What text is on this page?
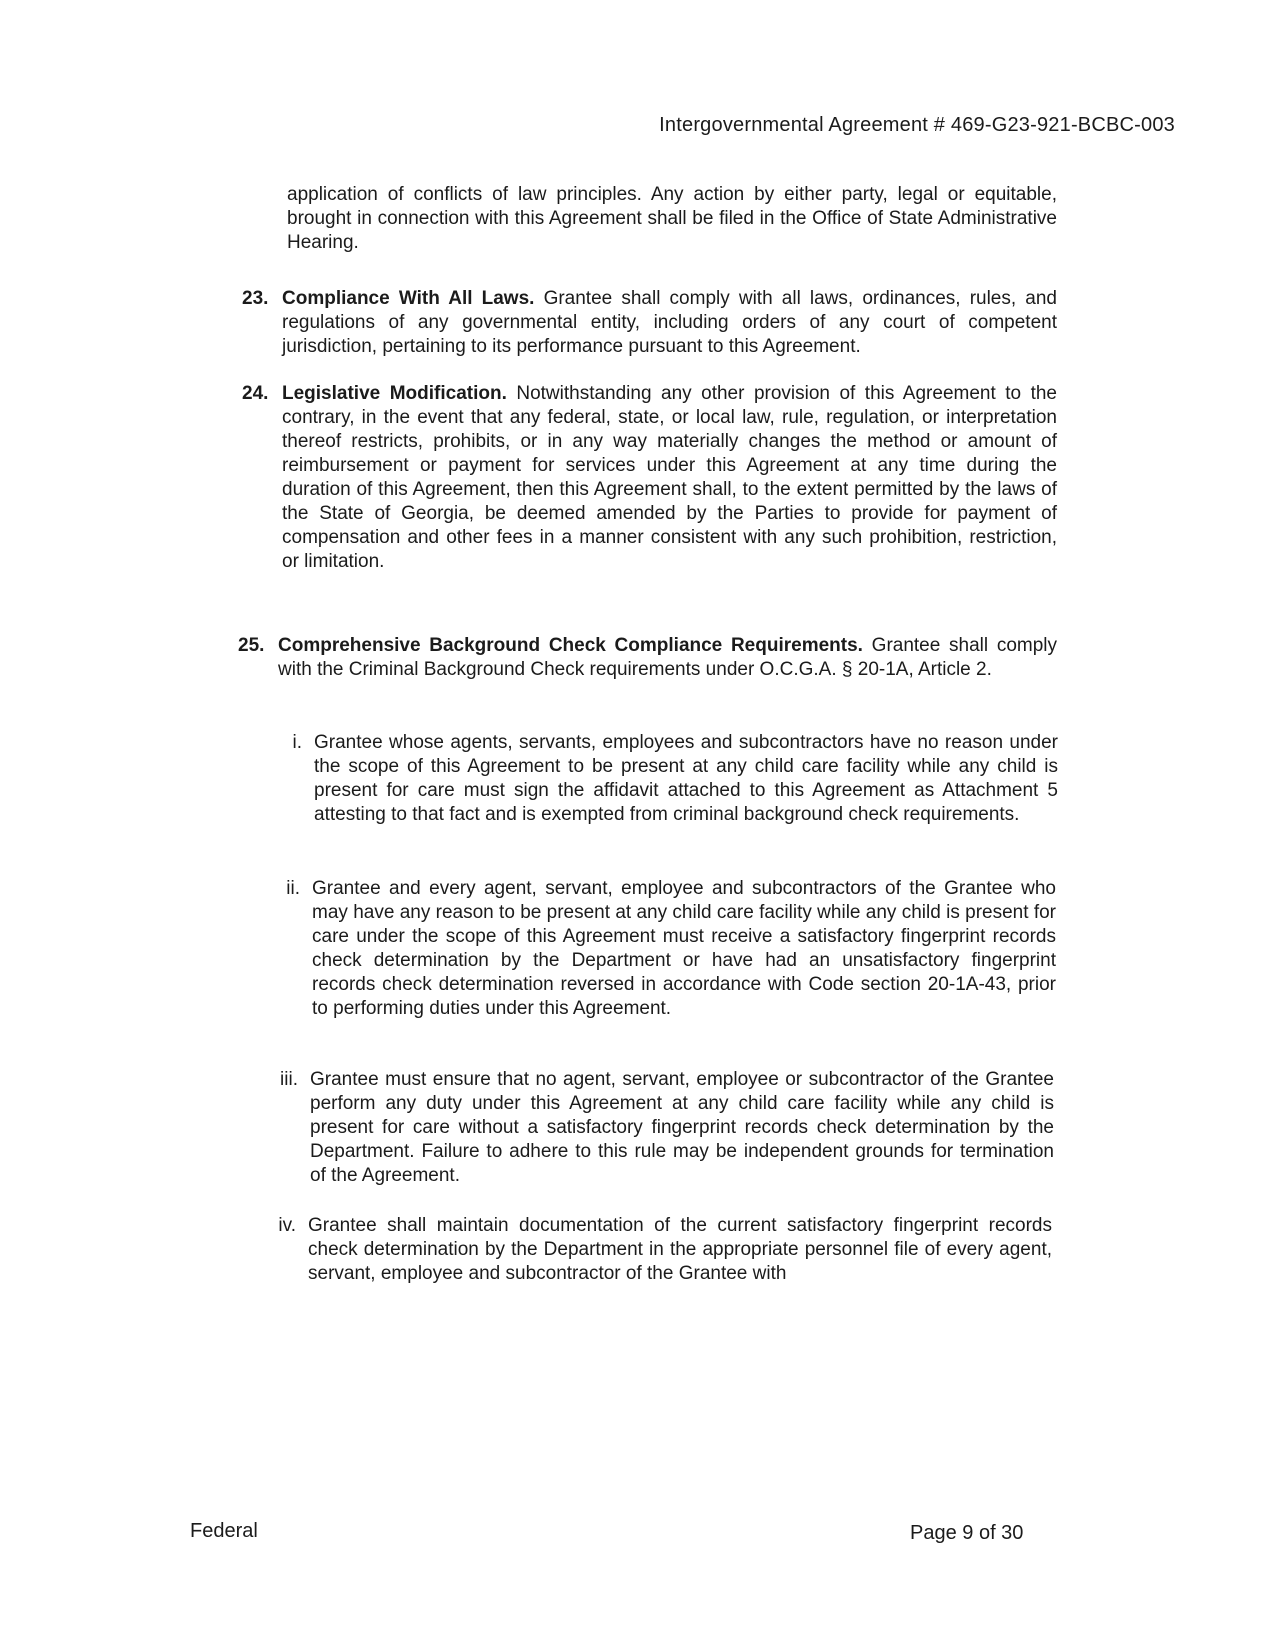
Intergovernmental Agreement # 469-G23-921-BCBC-003
application of conflicts of law principles. Any action by either party, legal or equitable, brought in connection with this Agreement shall be filed in the Office of State Administrative Hearing.
23. Compliance With All Laws. Grantee shall comply with all laws, ordinances, rules, and regulations of any governmental entity, including orders of any court of competent jurisdiction, pertaining to its performance pursuant to this Agreement.
24. Legislative Modification. Notwithstanding any other provision of this Agreement to the contrary, in the event that any federal, state, or local law, rule, regulation, or interpretation thereof restricts, prohibits, or in any way materially changes the method or amount of reimbursement or payment for services under this Agreement at any time during the duration of this Agreement, then this Agreement shall, to the extent permitted by the laws of the State of Georgia, be deemed amended by the Parties to provide for payment of compensation and other fees in a manner consistent with any such prohibition, restriction, or limitation.
25. Comprehensive Background Check Compliance Requirements. Grantee shall comply with the Criminal Background Check requirements under O.C.G.A. § 20-1A, Article 2.
i. Grantee whose agents, servants, employees and subcontractors have no reason under the scope of this Agreement to be present at any child care facility while any child is present for care must sign the affidavit attached to this Agreement as Attachment 5 attesting to that fact and is exempted from criminal background check requirements.
ii. Grantee and every agent, servant, employee and subcontractors of the Grantee who may have any reason to be present at any child care facility while any child is present for care under the scope of this Agreement must receive a satisfactory fingerprint records check determination by the Department or have had an unsatisfactory fingerprint records check determination reversed in accordance with Code section 20-1A-43, prior to performing duties under this Agreement.
iii. Grantee must ensure that no agent, servant, employee or subcontractor of the Grantee perform any duty under this Agreement at any child care facility while any child is present for care without a satisfactory fingerprint records check determination by the Department. Failure to adhere to this rule may be independent grounds for termination of the Agreement.
iv. Grantee shall maintain documentation of the current satisfactory fingerprint records check determination by the Department in the appropriate personnel file of every agent, servant, employee and subcontractor of the Grantee with
Federal	Page 9 of 30
